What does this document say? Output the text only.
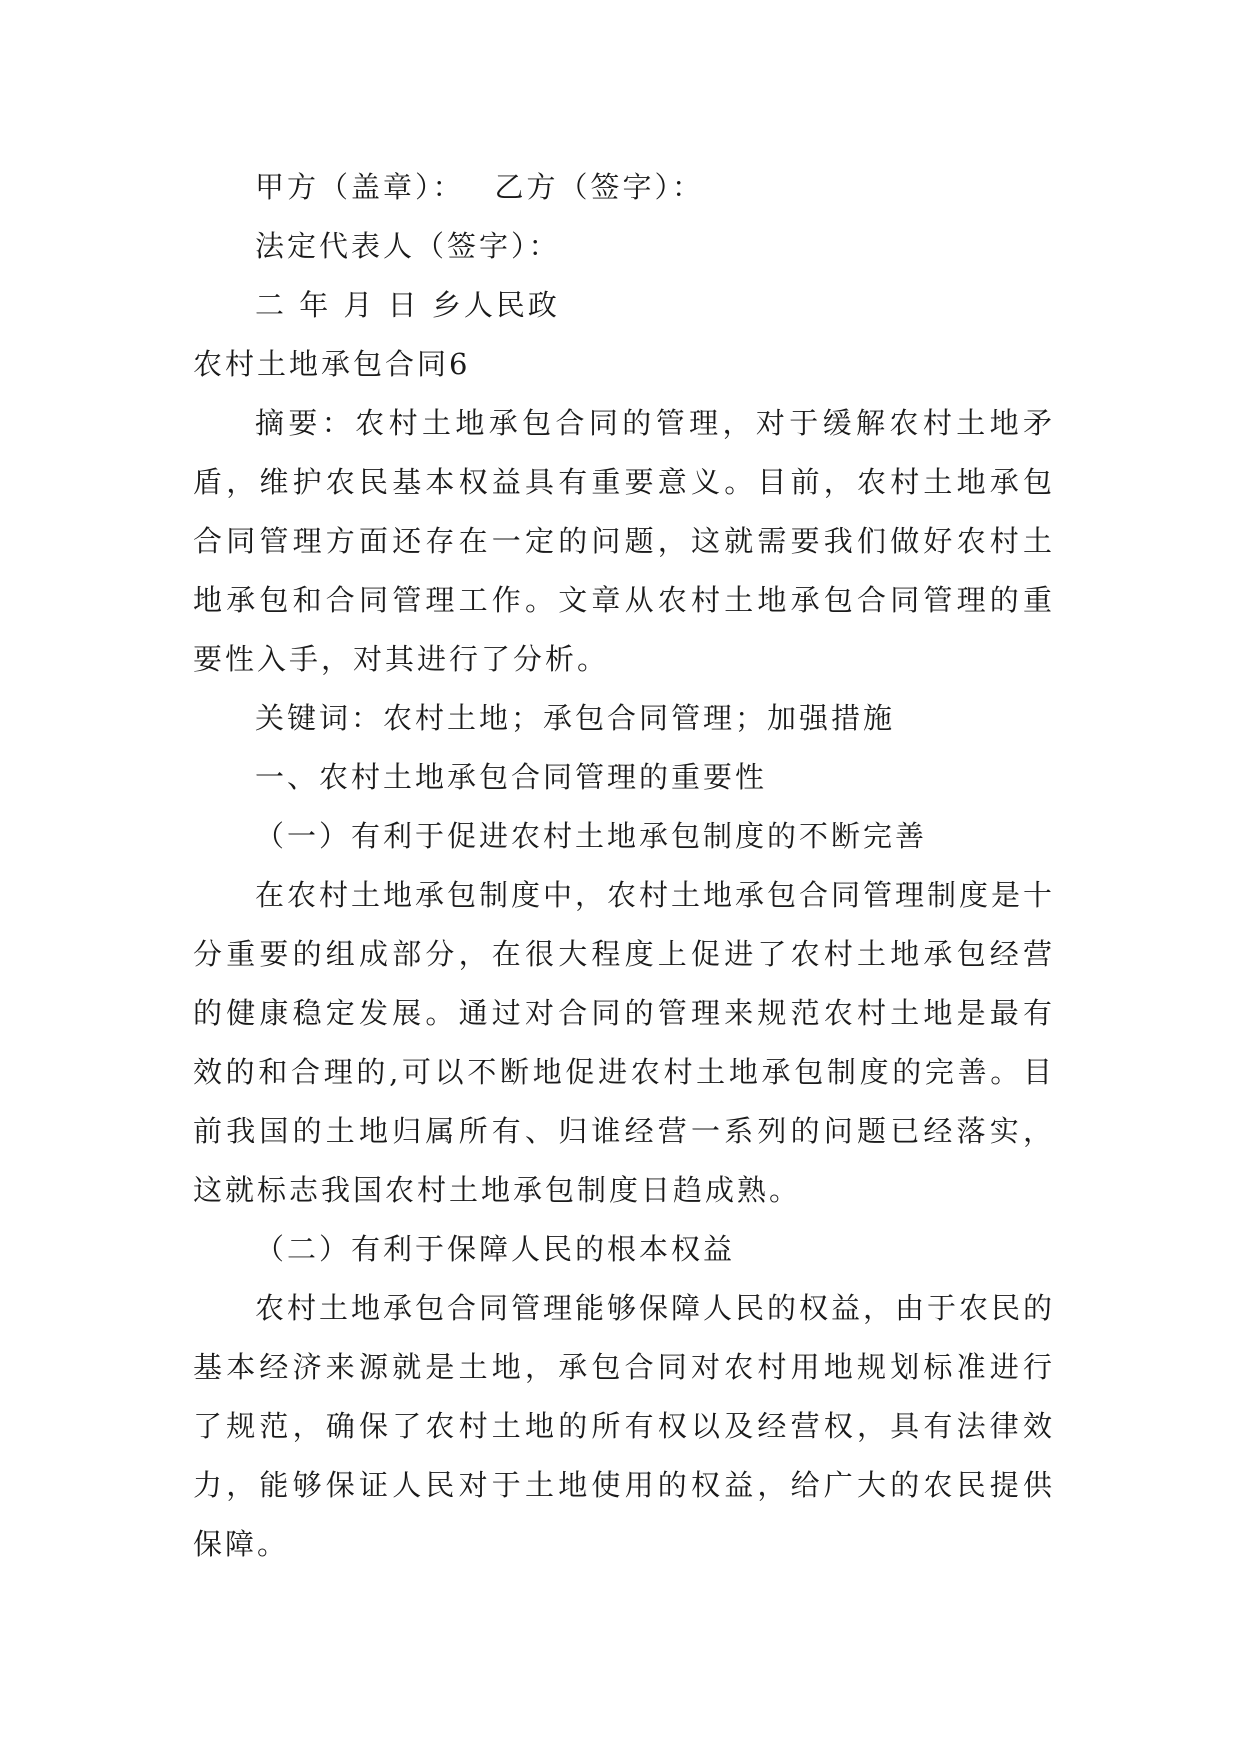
甲方（盖章）： 乙方（签字）：

法定代表人（签字）：

二 年 月 日 乡人民政

农村土地承包合同6

摘要：农村土地承包合同的管理，对于缓解农村土地矛盾，维护农民基本权益具有重要意义。目前，农村土地承包合同管理方面还存在一定的问题，这就需要我们做好农村土地承包和合同管理工作。文章从农村土地承包合同管理的重要性入手，对其进行了分析。

关键词：农村土地；承包合同管理；加强措施

一、农村土地承包合同管理的重要性

（一）有利于促进农村土地承包制度的不断完善

在农村土地承包制度中，农村土地承包合同管理制度是十分重要的组成部分，在很大程度上促进了农村土地承包经营的健康稳定发展。通过对合同的管理来规范农村土地是最有效的和合理的,可以不断地促进农村土地承包制度的完善。目前我国的土地归属所有、归谁经营一系列的问题已经落实，这就标志我国农村土地承包制度日趋成熟。

（二）有利于保障人民的根本权益

农村土地承包合同管理能够保障人民的权益，由于农民的基本经济来源就是土地，承包合同对农村用地规划标准进行了规范，确保了农村土地的所有权以及经营权，具有法律效力，能够保证人民对于土地使用的权益，给广大的农民提供保障。
